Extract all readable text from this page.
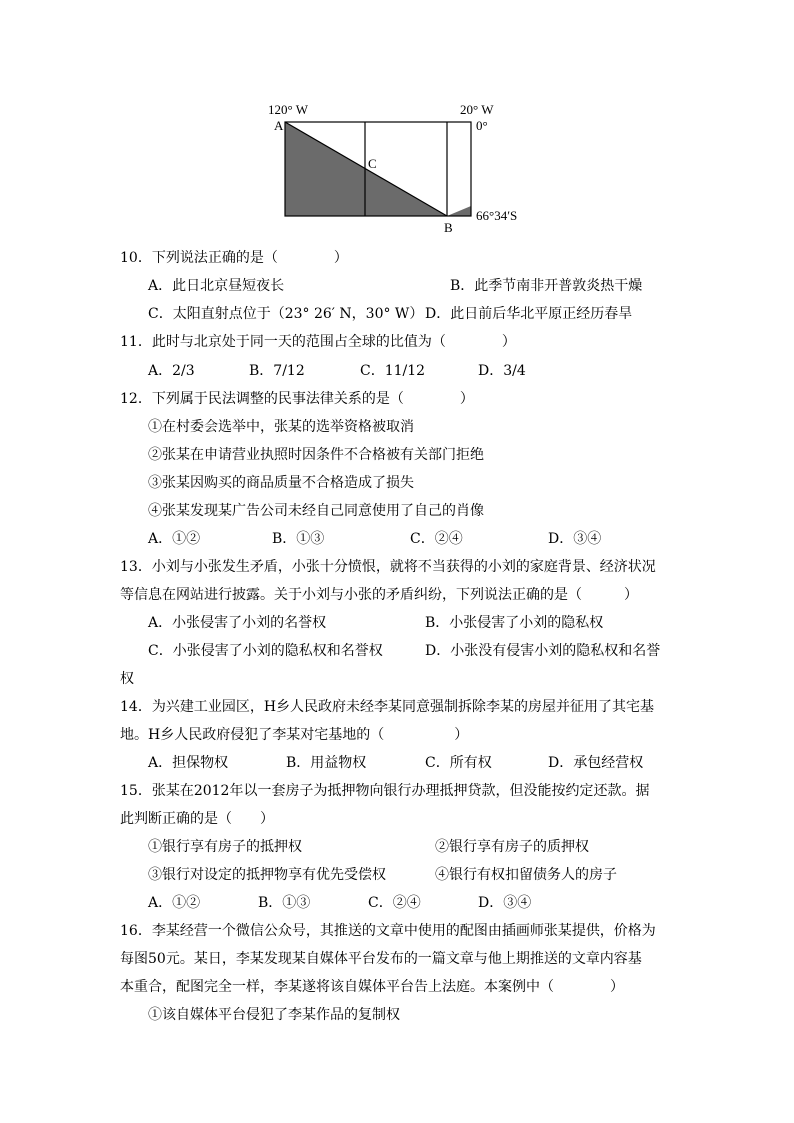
120° W
A
20° W
0°
C
B
66°34′S
10．下列说法正确的是（　　　　）
A．此日北京昼短夜长	B．此季节南非开普敦炎热干燥
C．太阳直射点位于（23° 26′ N，30° W） D．此日前后华北平原正经历春旱
11．此时与北京处于同一天的范围占全球的比值为（　　　　）
A．2/3	B．7/12	C．11/12	D．3/4
12．下列属于民法调整的民事法律关系的是（　　　　）
①在村委会选举中，张某的选举资格被取消
②张某在申请营业执照时因条件不合格被有关部门拒绝
③张某因购买的商品质量不合格造成了损失
④张某发现某广告公司未经自己同意使用了自己的肖像
A．①②	B．①③	C．②④	D．③④
13．小刘与小张发生矛盾，小张十分愤恨，就将不当获得的小刘的家庭背景、经济状况
等信息在网站进行披露。关于小刘与小张的矛盾纠纷，下列说法正确的是（　　　）
A．小张侵害了小刘的名誉权	B．小张侵害了小刘的隐私权
C．小张侵害了小刘的隐私权和名誉权	D．小张没有侵害小刘的隐私权和名誉
权
14．为兴建工业园区，H乡人民政府未经李某同意强制拆除李某的房屋并征用了其宅基
地。H乡人民政府侵犯了李某对宅基地的（　　　　　）
A．担保物权	B．用益物权	C．所有权	D．承包经营权
15．张某在2012年以一套房子为抵押物向银行办理抵押贷款，但没能按约定还款。据
此判断正确的是（　　）
①银行享有房子的抵押权	②银行享有房子的质押权
③银行对设定的抵押物享有优先受偿权	④银行有权扣留债务人的房子
A．①②	B．①③	C．②④	D．③④
16．李某经营一个微信公众号，其推送的文章中使用的配图由插画师张某提供，价格为
每图50元。某日，李某发现某自媒体平台发布的一篇文章与他上期推送的文章内容基
本重合，配图完全一样，李某遂将该自媒体平台告上法庭。本案例中（　　　　）
①该自媒体平台侵犯了李某作品的复制权
